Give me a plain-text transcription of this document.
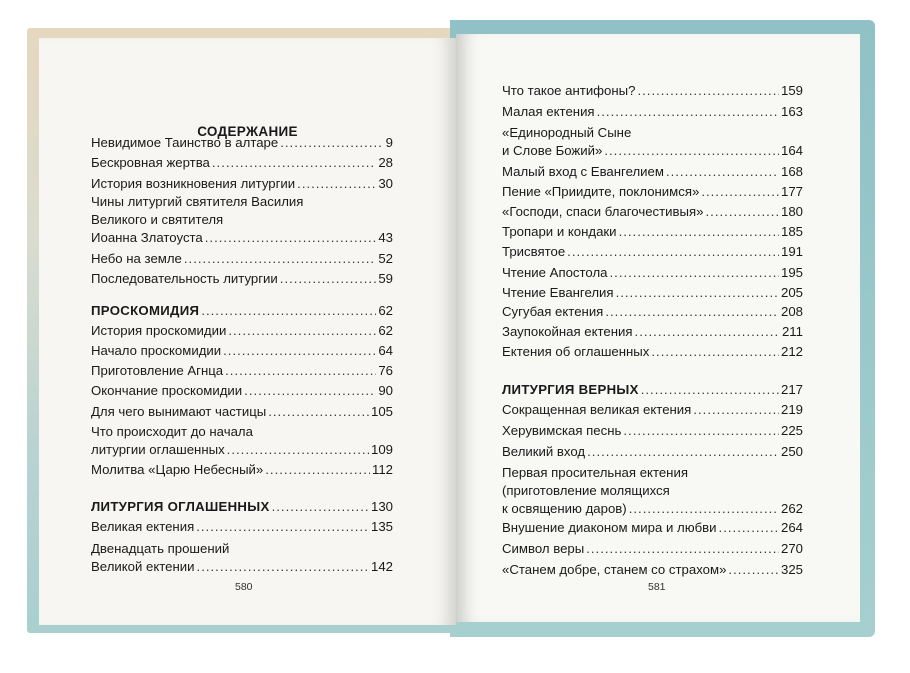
СОДЕРЖАНИЕ
Невидимое Таинство в алтаре .....	9
Бескровная жертва .....	28
История возникновения литургии .....	30
Чины литургий святителя Василия
Великого и святителя
Иоанна Златоуста .....	43
Небо на земле .....	52
Последовательность литургии .....	59
ПРОСКОМИДИЯ .....	62
История проскомидии .....	62
Начало проскомидии .....	64
Приготовление Агнца .....	76
Окончание проскомидии .....	90
Для чего вынимают частицы .....	105
Что происходит до начала
литургии оглашенных .....	109
Молитва «Царю Небесный» .....	112
ЛИТУРГИЯ ОГЛАШЕННЫХ .....	130
Великая ектения .....	135
Двенадцать прошений
Великой ектении .....	142
580
Что такое антифоны? .....	159
Малая ектения .....	163
«Единородный Сыне
и Слове Божий» .....	164
Малый вход с Евангелием .....	168
Пение «Приидите, поклонимся» .....	177
«Господи, спаси благочестивыя» .....	180
Тропари и кондаки .....	185
Трисвятое .....	191
Чтение Апостола .....	195
Чтение Евангелия .....	205
Сугубая ектения .....	208
Заупокойная ектения .....	211
Ектения об оглашенных .....	212
ЛИТУРГИЯ ВЕРНЫХ .....	217
Сокращенная великая ектения .....	219
Херувимская песнь .....	225
Великий вход .....	250
Первая просительная ектения
(приготовление молящихся
к освящению даров) .....	262
Внушение диаконом мира и любви .....	264
Символ веры .....	270
«Станем добре, станем со страхом» .....	325
581
